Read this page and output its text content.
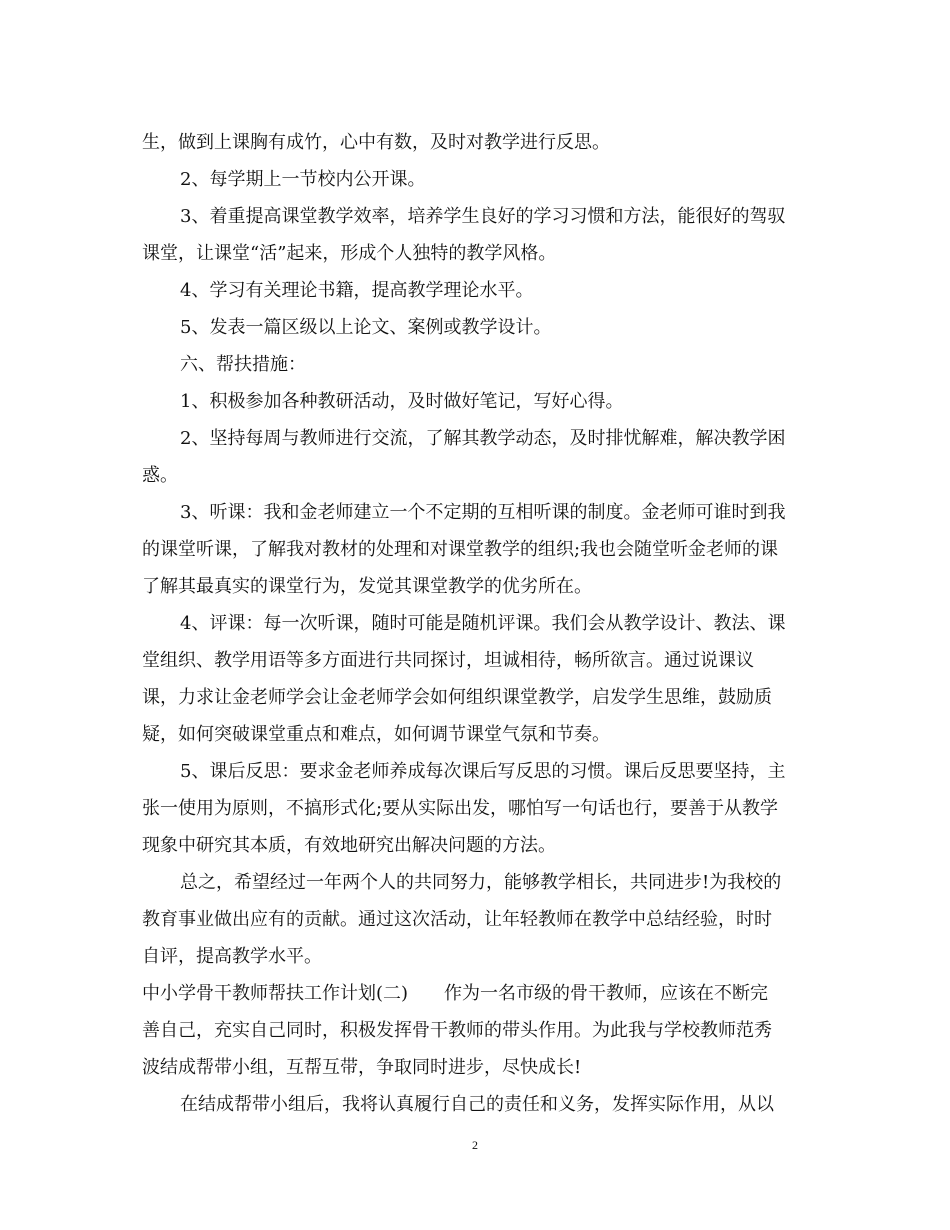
生，做到上课胸有成竹，心中有数，及时对教学进行反思。
2、每学期上一节校内公开课。
3、着重提高课堂教学效率，培养学生良好的学习习惯和方法，能很好的驾驭
课堂，让课堂“活”起来，形成个人独特的教学风格。
4、学习有关理论书籍，提高教学理论水平。
5、发表一篇区级以上论文、案例或教学设计。
六、帮扶措施：
1、积极参加各种教研活动，及时做好笔记，写好心得。
2、坚持每周与教师进行交流，了解其教学动态，及时排忧解难，解决教学困
惑。
3、听课：我和金老师建立一个不定期的互相听课的制度。金老师可谁时到我
的课堂听课，了解我对教材的处理和对课堂教学的组织;我也会随堂听金老师的课
了解其最真实的课堂行为，发觉其课堂教学的优劣所在。
4、评课：每一次听课，随时可能是随机评课。我们会从教学设计、教法、课
堂组织、教学用语等多方面进行共同探讨，坦诚相待，畅所欲言。通过说课议
课，力求让金老师学会让金老师学会如何组织课堂教学，启发学生思维，鼓励质
疑，如何突破课堂重点和难点，如何调节课堂气氛和节奏。
5、课后反思：要求金老师养成每次课后写反思的习惯。课后反思要坚持，主
张一使用为原则，不搞形式化;要从实际出发，哪怕写一句话也行，要善于从教学
现象中研究其本质，有效地研究出解决问题的方法。
总之，希望经过一年两个人的共同努力，能够教学相长，共同进步!为我校的
教育事业做出应有的贡献。通过这次活动，让年轻教师在教学中总结经验，时时
自评，提高教学水平。
中小学骨干教师帮扶工作计划(二)　　作为一名市级的骨干教师，应该在不断完
善自己，充实自己同时，积极发挥骨干教师的带头作用。为此我与学校教师范秀
波结成帮带小组，互帮互带，争取同时进步，尽快成长!
在结成帮带小组后，我将认真履行自己的责任和义务，发挥实际作用，从以
2
